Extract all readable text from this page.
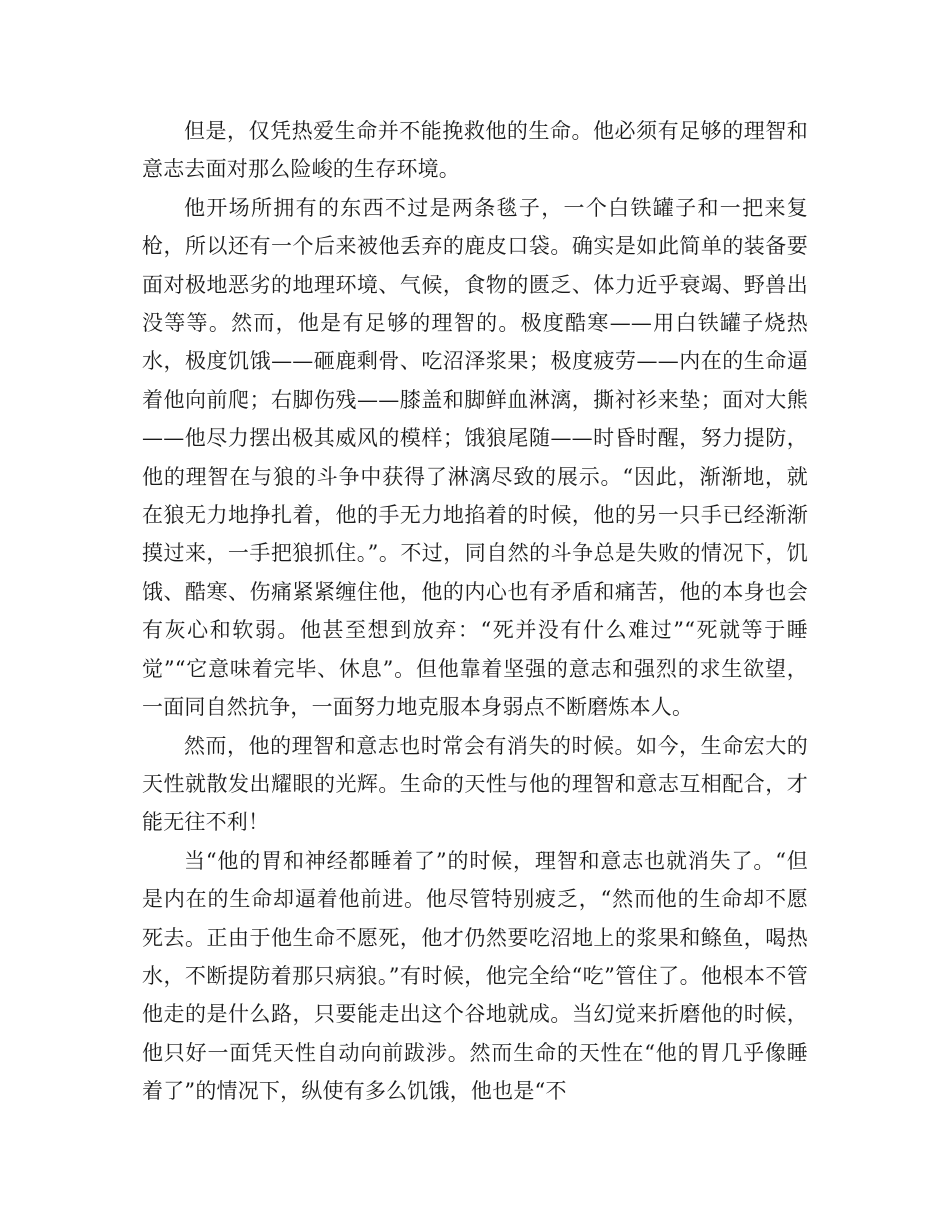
但是，仅凭热爱生命并不能挽救他的生命。他必须有足够的理智和意志去面对那么险峻的生存环境。

他开场所拥有的东西不过是两条毯子，一个白铁罐子和一把来复枪，所以还有一个后来被他丢弃的鹿皮口袋。确实是如此简单的装备要面对极地恶劣的地理环境、气候，食物的匮乏、体力近乎衰竭、野兽出没等等。然而，他是有足够的理智的。极度酷寒——用白铁罐子烧热水，极度饥饿——砸鹿剩骨、吃沼泽浆果；极度疲劳——内在的生命逼着他向前爬；右脚伤残——膝盖和脚鲜血淋漓，撕衬衫来垫；面对大熊——他尽力摆出极其威风的模样；饿狼尾随——时昏时醒，努力提防，他的理智在与狼的斗争中获得了淋漓尽致的展示。“因此，渐渐地，就在狼无力地挣扎着，他的手无力地掐着的时候，他的另一只手已经渐渐摸过来，一手把狼抓住。”。不过，同自然的斗争总是失败的情况下，饥饿、酷寒、伤痛紧紧缠住他，他的内心也有矛盾和痛苦，他的本身也会有灰心和软弱。他甚至想到放弃：“死并没有什么难过”“死就等于睡觉”“它意味着完毕、休息”。但他靠着坚强的意志和强烈的求生欲望，一面同自然抗争，一面努力地克服本身弱点不断磨炼本人。

然而，他的理智和意志也时常会有消失的时候。如今，生命宏大的天性就散发出耀眼的光辉。生命的天性与他的理智和意志互相配合，才能无往不利！

当“他的胃和神经都睡着了”的时候，理智和意志也就消失了。“但是内在的生命却逼着他前进。他尽管特别疲乏，“然而他的生命却不愿死去。正由于他生命不愿死，他才仍然要吃沼地上的浆果和鲦鱼，喝热水，不断提防着那只病狼。”有时候，他完全给“吃”管住了。他根本不管他走的是什么路，只要能走出这个谷地就成。当幻觉来折磨他的时候，他只好一面凭天性自动向前跋涉。然而生命的天性在“他的胃几乎像睡着了”的情况下，纵使有多么饥饿，他也是“不
